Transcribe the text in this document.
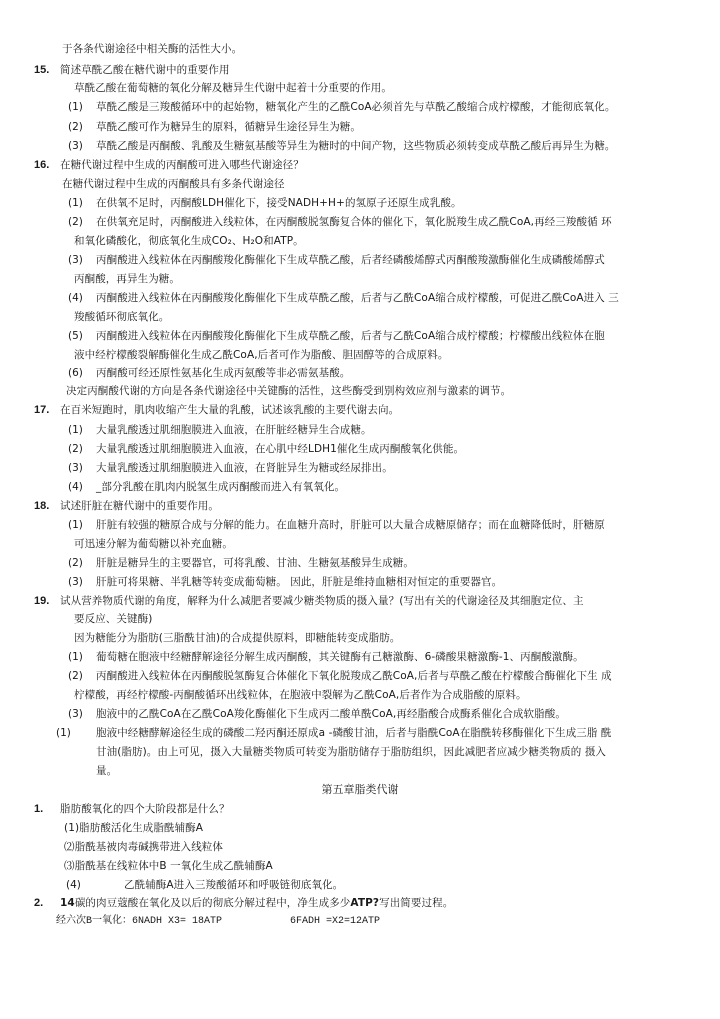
于各条代谢途径中相关酶的活性大小。
15. 简述草酰乙酸在糖代谢中的重要作用
草酰乙酸在葡萄糖的氧化分解及糖异生代谢中起着十分重要的作用。
(1) 草酰乙酸是三羧酸循环中的起始物，糖氧化产生的乙酰CoA必须首先与草酰乙酸缩合成柠檬酸，才能彻底氧化。
(2) 草酰乙酸可作为糖异生的原料，循糖异生途径异生为糖。
(3) 草酰乙酸是丙酮酸、乳酸及生糖氨基酸等异生为糖时的中间产物，这些物质必须转变成草酰乙酸后再异生为糖。
16. 在糖代谢过程中生成的丙酮酸可进入哪些代谢途径？
在糖代谢过程中生成的丙酮酸具有多条代谢途径
(1) 在供氧不足时，丙酮酸LDH催化下，接受NADH+H+的氢原子还原生成乳酸。
(2) 在供氧充足时，丙酮酸进入线粒体，在丙酮酸脱氢酶复合体的催化下，氧化脱羧生成乙酰CoA,再经三羧酸循 环
和氧化磷酸化，彻底氧化生成CO₂、H₂O和ATP。
(3) 丙酮酸进入线粒体在丙酮酸羧化酶催化下生成草酰乙酸，后者经磷酸烯醇式丙酮酸羧激酶催化生成磷酸烯醇式
丙酮酸，再异生为糖。
(4) 丙酮酸进入线粒体在丙酮酸羧化酶催化下生成草酰乙酸，后者与乙酰CoA缩合成柠檬酸，可促进乙酰CoA进入 三
羧酸循环彻底氧化。
(5) 丙酮酸进入线粒体在丙酮酸羧化酶催化下生成草酰乙酸，后者与乙酰CoA缩合成柠檬酸；柠檬酸出线粒体在胞
液中经柠檬酸裂解酶催化生成乙酰CoA,后者可作为脂酸、胆固醇等的合成原料。
(6) 丙酮酸可经还原性氨基化生成丙氨酸等非必需氨基酸。
决定丙酮酸代谢的方向是各条代谢途径中关键酶的活性，这些酶受到别构效应剂与激素的调节。
17. 在百米短跑时，肌肉收缩产生大量的乳酸，试述该乳酸的主要代谢去向。
(1) 大量乳酸透过肌细胞膜进入血液，在肝脏经糖异生合成糖。
(2) 大量乳酸透过肌细胞膜进入血液，在心肌中经LDH1催化生成丙酮酸氧化供能。
(3) 大量乳酸透过肌细胞膜进入血液，在肾脏异生为糖或经尿排出。
(4) _部分乳酸在肌肉内脱氢生成丙酮酸而进入有氧氧化。
18. 试述肝脏在糖代谢中的重要作用。
(1) 肝脏有较强的糖原合成与分解的能力。在血糖升高时，肝脏可以大量合成糖原储存；而在血糖降低时，肝糖原
可迅速分解为葡萄糖以补充血糖。
(2) 肝脏是糖异生的主要器官，可将乳酸、甘油、生糖氨基酸异生成糖。
(3) 肝脏可将果糖、半乳糖等转变成葡萄糖。 因此，肝脏是维持血糖相对恒定的重要器官。
19. 试从营养物质代谢的角度，解释为什么减肥者要减少糖类物质的摄入量？(写出有关的代谢途径及其细胞定位、主
要反应、关键酶)
因为糖能分为脂肪(三脂酰甘油)的合成提供原料，即糖能转变成脂肪。
(1) 葡萄糖在胞液中经糖酵解途径分解生成丙酮酸，其关键酶有己糖激酶、6-磷酸果糖激酶-1、丙酮酸激酶。
(2) 丙酮酸进入线粒体在丙酮酸脱氢酶复合体催化下氧化脱羧成乙酰CoA,后者与草酰乙酸在柠檬酸合酶催化下生 成
柠檬酸，再经柠檬酸-丙酮酸循环出线粒体，在胞液中裂解为乙酰CoA,后者作为合成脂酸的原料。
(3) 胞液中的乙酰CoA在乙酰CoA羧化酶催化下生成丙二酸单酰CoA,再经脂酸合成酶系催化合成软脂酸。
(1) 胞液中经糖酵解途径生成的磷酸二羟丙酮还原成a -磷酸甘油，后者与脂酰CoA在脂酰转移酶催化下生成三脂 酰
甘油(脂肪)。由上可见，摄入大量糖类物质可转变为脂肪储存于脂肪组织，因此减肥者应减少糖类物质的 摄入
量。
第五章脂类代谢
1. 脂肪酸氧化的四个大阶段都是什么？
(1)脂肪酸活化生成脂酰辅酶A
⑵脂酰基被肉毒碱携带进入线粒体
⑶脂酰基在线粒体中B 一氧化生成乙酰辅酶A
(4)	乙酰辅酶A进入三羧酸循环和呼吸链彻底氧化。
2. 14碳的肉豆蔻酸在氧化及以后的彻底分解过程中，净生成多少ATP?写出简要过程。
经六次B一氧化：6NADH X3= 18ATP	6FADH =X2=12ATP
